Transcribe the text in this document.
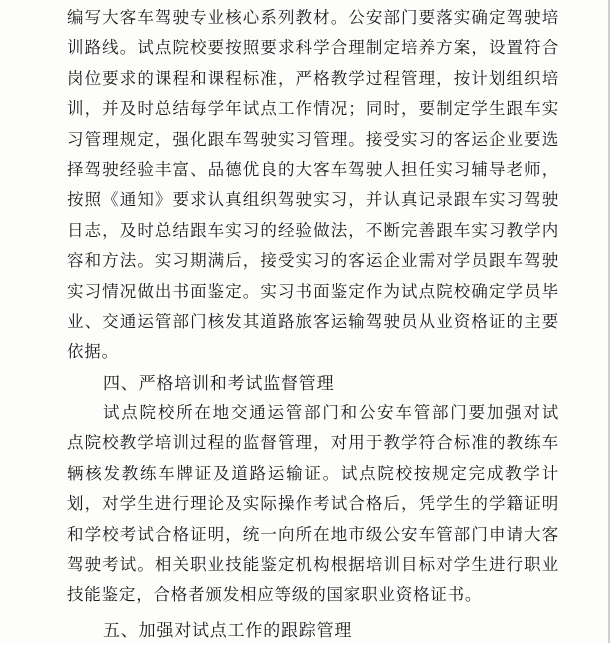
编写大客车驾驶专业核心系列教材。公安部门要落实确定驾驶培
训路线。试点院校要按照要求科学合理制定培养方案，设置符合
岗位要求的课程和课程标准，严格教学过程管理，按计划组织培
训，并及时总结每学年试点工作情况；同时，要制定学生跟车实
习管理规定，强化跟车驾驶实习管理。接受实习的客运企业要选
择驾驶经验丰富、品德优良的大客车驾驶人担任实习辅导老师，
按照《通知》要求认真组织驾驶实习，并认真记录跟车实习驾驶
日志，及时总结跟车实习的经验做法，不断完善跟车实习教学内
容和方法。实习期满后，接受实习的客运企业需对学员跟车驾驶
实习情况做出书面鉴定。实习书面鉴定作为试点院校确定学员毕
业、交通运管部门核发其道路旅客运输驾驶员从业资格证的主要
依据。
四、严格培训和考试监督管理
试点院校所在地交通运管部门和公安车管部门要加强对试
点院校教学培训过程的监督管理，对用于教学符合标准的教练车
辆核发教练车牌证及道路运输证。试点院校按规定完成教学计
划，对学生进行理论及实际操作考试合格后，凭学生的学籍证明
和学校考试合格证明，统一向所在地市级公安车管部门申请大客
驾驶考试。相关职业技能鉴定机构根据培训目标对学生进行职业
技能鉴定，合格者颁发相应等级的国家职业资格证书。
五、加强对试点工作的跟踪管理
